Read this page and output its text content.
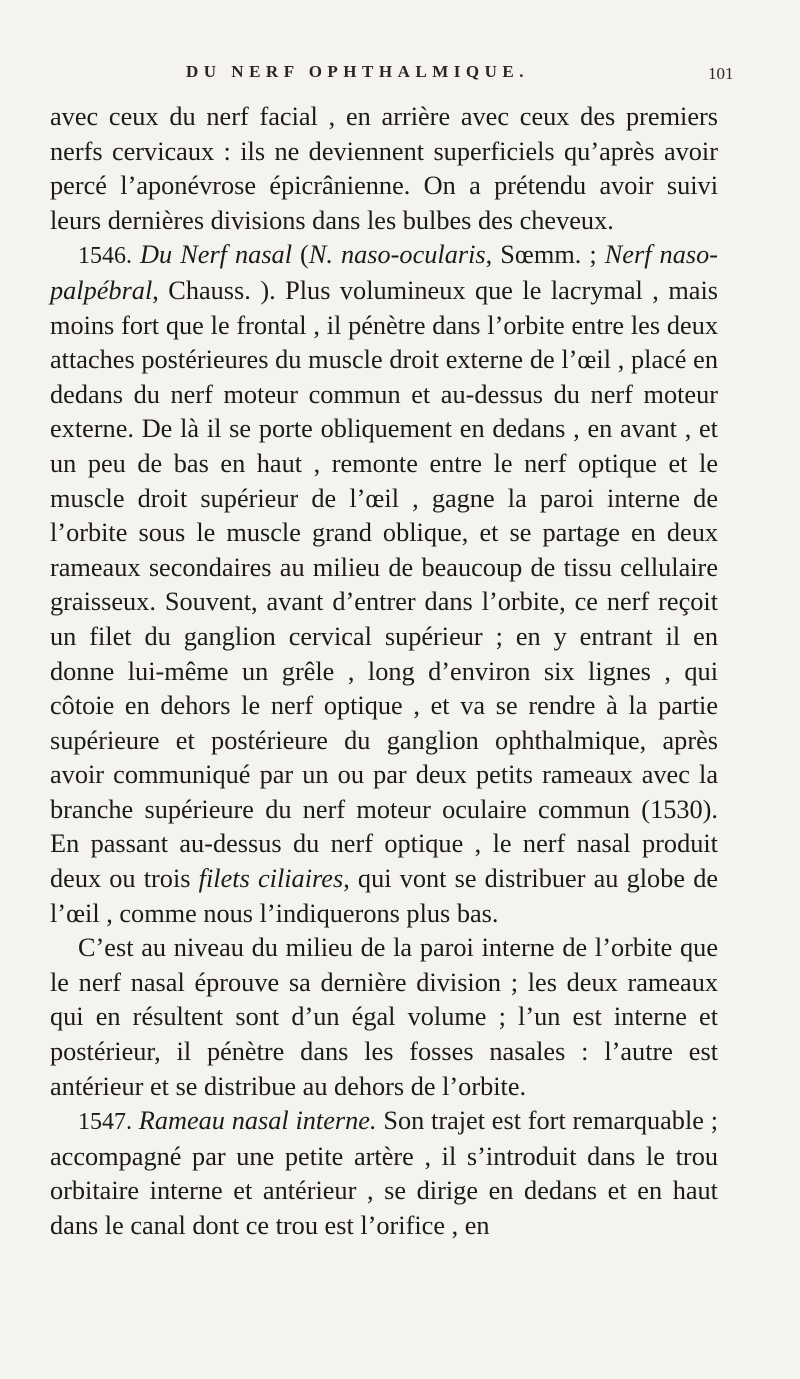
DU NERF OPHTHALMIQUE.	101

avec ceux du nerf facial , en arrière avec ceux des premiers nerfs cervicaux : ils ne deviennent superficiels qu’après avoir percé l’aponévrose épicrânienne. On a prétendu avoir suivi leurs dernières divisions dans les bulbes des cheveux.

1546. Du Nerf nasal (N. naso-ocularis, Sœmm. ; Nerf naso-palpébral, Chauss. ). Plus volumineux que le lacrymal , mais moins fort que le frontal , il pénètre dans l’orbite entre les deux attaches postérieures du muscle droit externe de l’œil , placé en dedans du nerf moteur commun et au-dessus du nerf moteur externe. De là il se porte obliquement en dedans , en avant , et un peu de bas en haut , remonte entre le nerf optique et le muscle droit supérieur de l’œil , gagne la paroi interne de l’orbite sous le muscle grand oblique, et se partage en deux rameaux secondaires au milieu de beaucoup de tissu cellulaire graisseux. Souvent, avant d’entrer dans l’orbite, ce nerf reçoit un filet du ganglion cervical supérieur ; en y entrant il en donne lui-même un grêle , long d’environ six lignes , qui côtoie en dehors le nerf optique , et va se rendre à la partie supérieure et postérieure du ganglion ophthalmique, après avoir communiqué par un ou par deux petits rameaux avec la branche supérieure du nerf moteur oculaire commun (1530). En passant au-dessus du nerf optique , le nerf nasal produit deux ou trois filets ciliaires, qui vont se distribuer au globe de l’œil , comme nous l’indiquerons plus bas.

C’est au niveau du milieu de la paroi interne de l’orbite que le nerf nasal éprouve sa dernière division ; les deux rameaux qui en résultent sont d’un égal volume ; l’un est interne et postérieur, il pénètre dans les fosses nasales : l’autre est antérieur et se distribue au dehors de l’orbite.

1547. Rameau nasal interne. Son trajet est fort remarquable ; accompagné par une petite artère , il s’introduit dans le trou orbitaire interne et antérieur , se dirige en dedans et en haut dans le canal dont ce trou est l’orifice , en
